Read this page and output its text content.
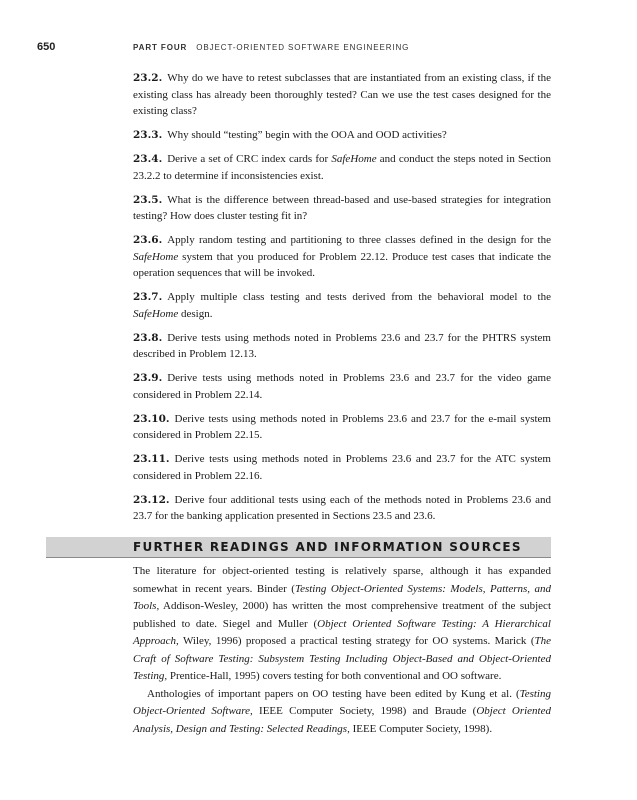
650	PART FOUR OBJECT-ORIENTED SOFTWARE ENGINEERING

23.2. Why do we have to retest subclasses that are instantiated from an existing class, if the existing class has already been thoroughly tested? Can we use the test cases designed for the existing class?

23.3. Why should “testing” begin with the OOA and OOD activities?

23.4. Derive a set of CRC index cards for SafeHome and conduct the steps noted in Section 23.2.2 to determine if inconsistencies exist.

23.5. What is the difference between thread-based and use-based strategies for integration testing? How does cluster testing fit in?

23.6. Apply random testing and partitioning to three classes defined in the design for the SafeHome system that you produced for Problem 22.12. Produce test cases that indicate the operation sequences that will be invoked.

23.7. Apply multiple class testing and tests derived from the behavioral model to the SafeHome design.

23.8. Derive tests using methods noted in Problems 23.6 and 23.7 for the PHTRS system described in Problem 12.13.

23.9. Derive tests using methods noted in Problems 23.6 and 23.7 for the video game considered in Problem 22.14.

23.10. Derive tests using methods noted in Problems 23.6 and 23.7 for the e-mail system considered in Problem 22.15.

23.11. Derive tests using methods noted in Problems 23.6 and 23.7 for the ATC system considered in Problem 22.16.

23.12. Derive four additional tests using each of the methods noted in Problems 23.6 and 23.7 for the banking application presented in Sections 23.5 and 23.6.

FURTHER READINGS AND INFORMATION SOURCES

The literature for object-oriented testing is relatively sparse, although it has expanded somewhat in recent years. Binder (Testing Object-Oriented Systems: Models, Patterns, and Tools, Addison-Wesley, 2000) has written the most comprehensive treatment of the subject published to date. Siegel and Muller (Object Oriented Software Testing: A Hierarchical Approach, Wiley, 1996) proposed a practical testing strategy for OO systems. Marick (The Craft of Software Testing: Subsystem Testing Including Object-Based and Object-Oriented Testing, Prentice-Hall, 1995) covers testing for both conventional and OO software.

Anthologies of important papers on OO testing have been edited by Kung et al. (Testing Object-Oriented Software, IEEE Computer Society, 1998) and Braude (Object Oriented Analysis, Design and Testing: Selected Readings, IEEE Computer Society, 1998).
